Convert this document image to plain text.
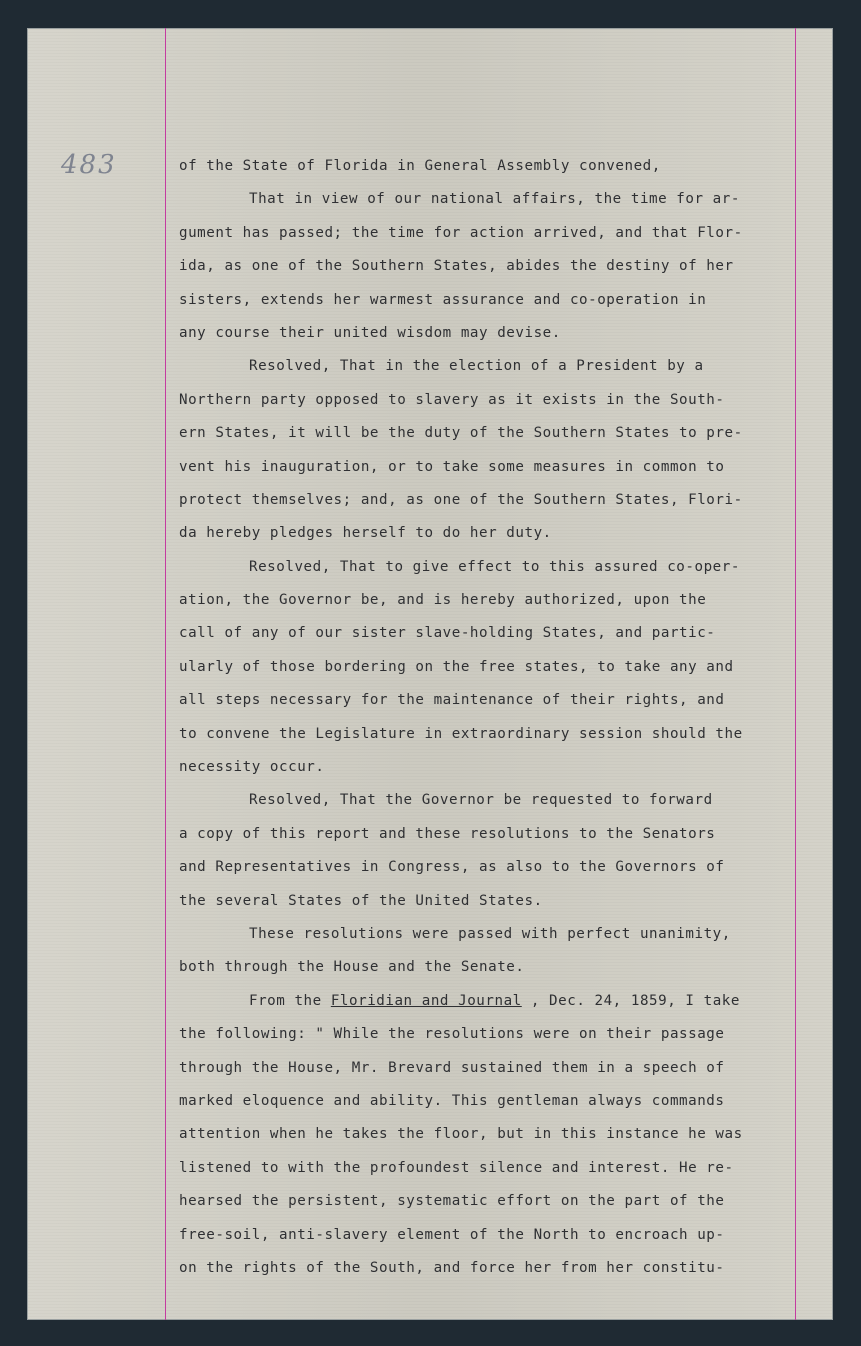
483	of the State of Florida in General Assembly convened,
That in view of our national affairs, the time for ar-
gument has passed; the time for action arrived, and that Flor-
ida, as one of the Southern States, abides the destiny of her
sisters, extends her warmest assurance and co-operation in
any course their united wisdom may devise.
Resolved, That in the election of a President by a
Northern party opposed to slavery as it exists in the South-
ern States, it will be the duty of the Southern States to pre-
vent his inauguration, or to take some measures in common to
protect themselves; and, as one of the Southern States, Flori-
da hereby pledges herself to do her duty.
Resolved, That to give effect to this assured co-oper-
ation, the Governor be, and is hereby authorized, upon the
call of any of our sister slave-holding States, and partic-
ularly of those bordering on the free states, to take any and
all steps necessary for the maintenance of their rights, and
to convene the Legislature in extraordinary session should the
necessity occur.
Resolved, That the Governor be requested to forward
a copy of this report and these resolutions to the Senators
and Representatives in Congress, as also to the Governors of
the several States of the United States.
These resolutions were passed with perfect unanimity,
both through the House and the Senate.
From the Floridian and Journal , Dec. 24, 1859, I take
the following: " While the resolutions were on their passage
through the House, Mr. Brevard sustained them in a speech of
marked eloquence and ability. This gentleman always commands
attention when he takes the floor, but in this instance he was
listened to with the profoundest silence and interest. He re-
hearsed the persistent, systematic effort on the part of the
free-soil, anti-slavery element of the North to encroach up-
on the rights of the South, and force her from her constitu-
